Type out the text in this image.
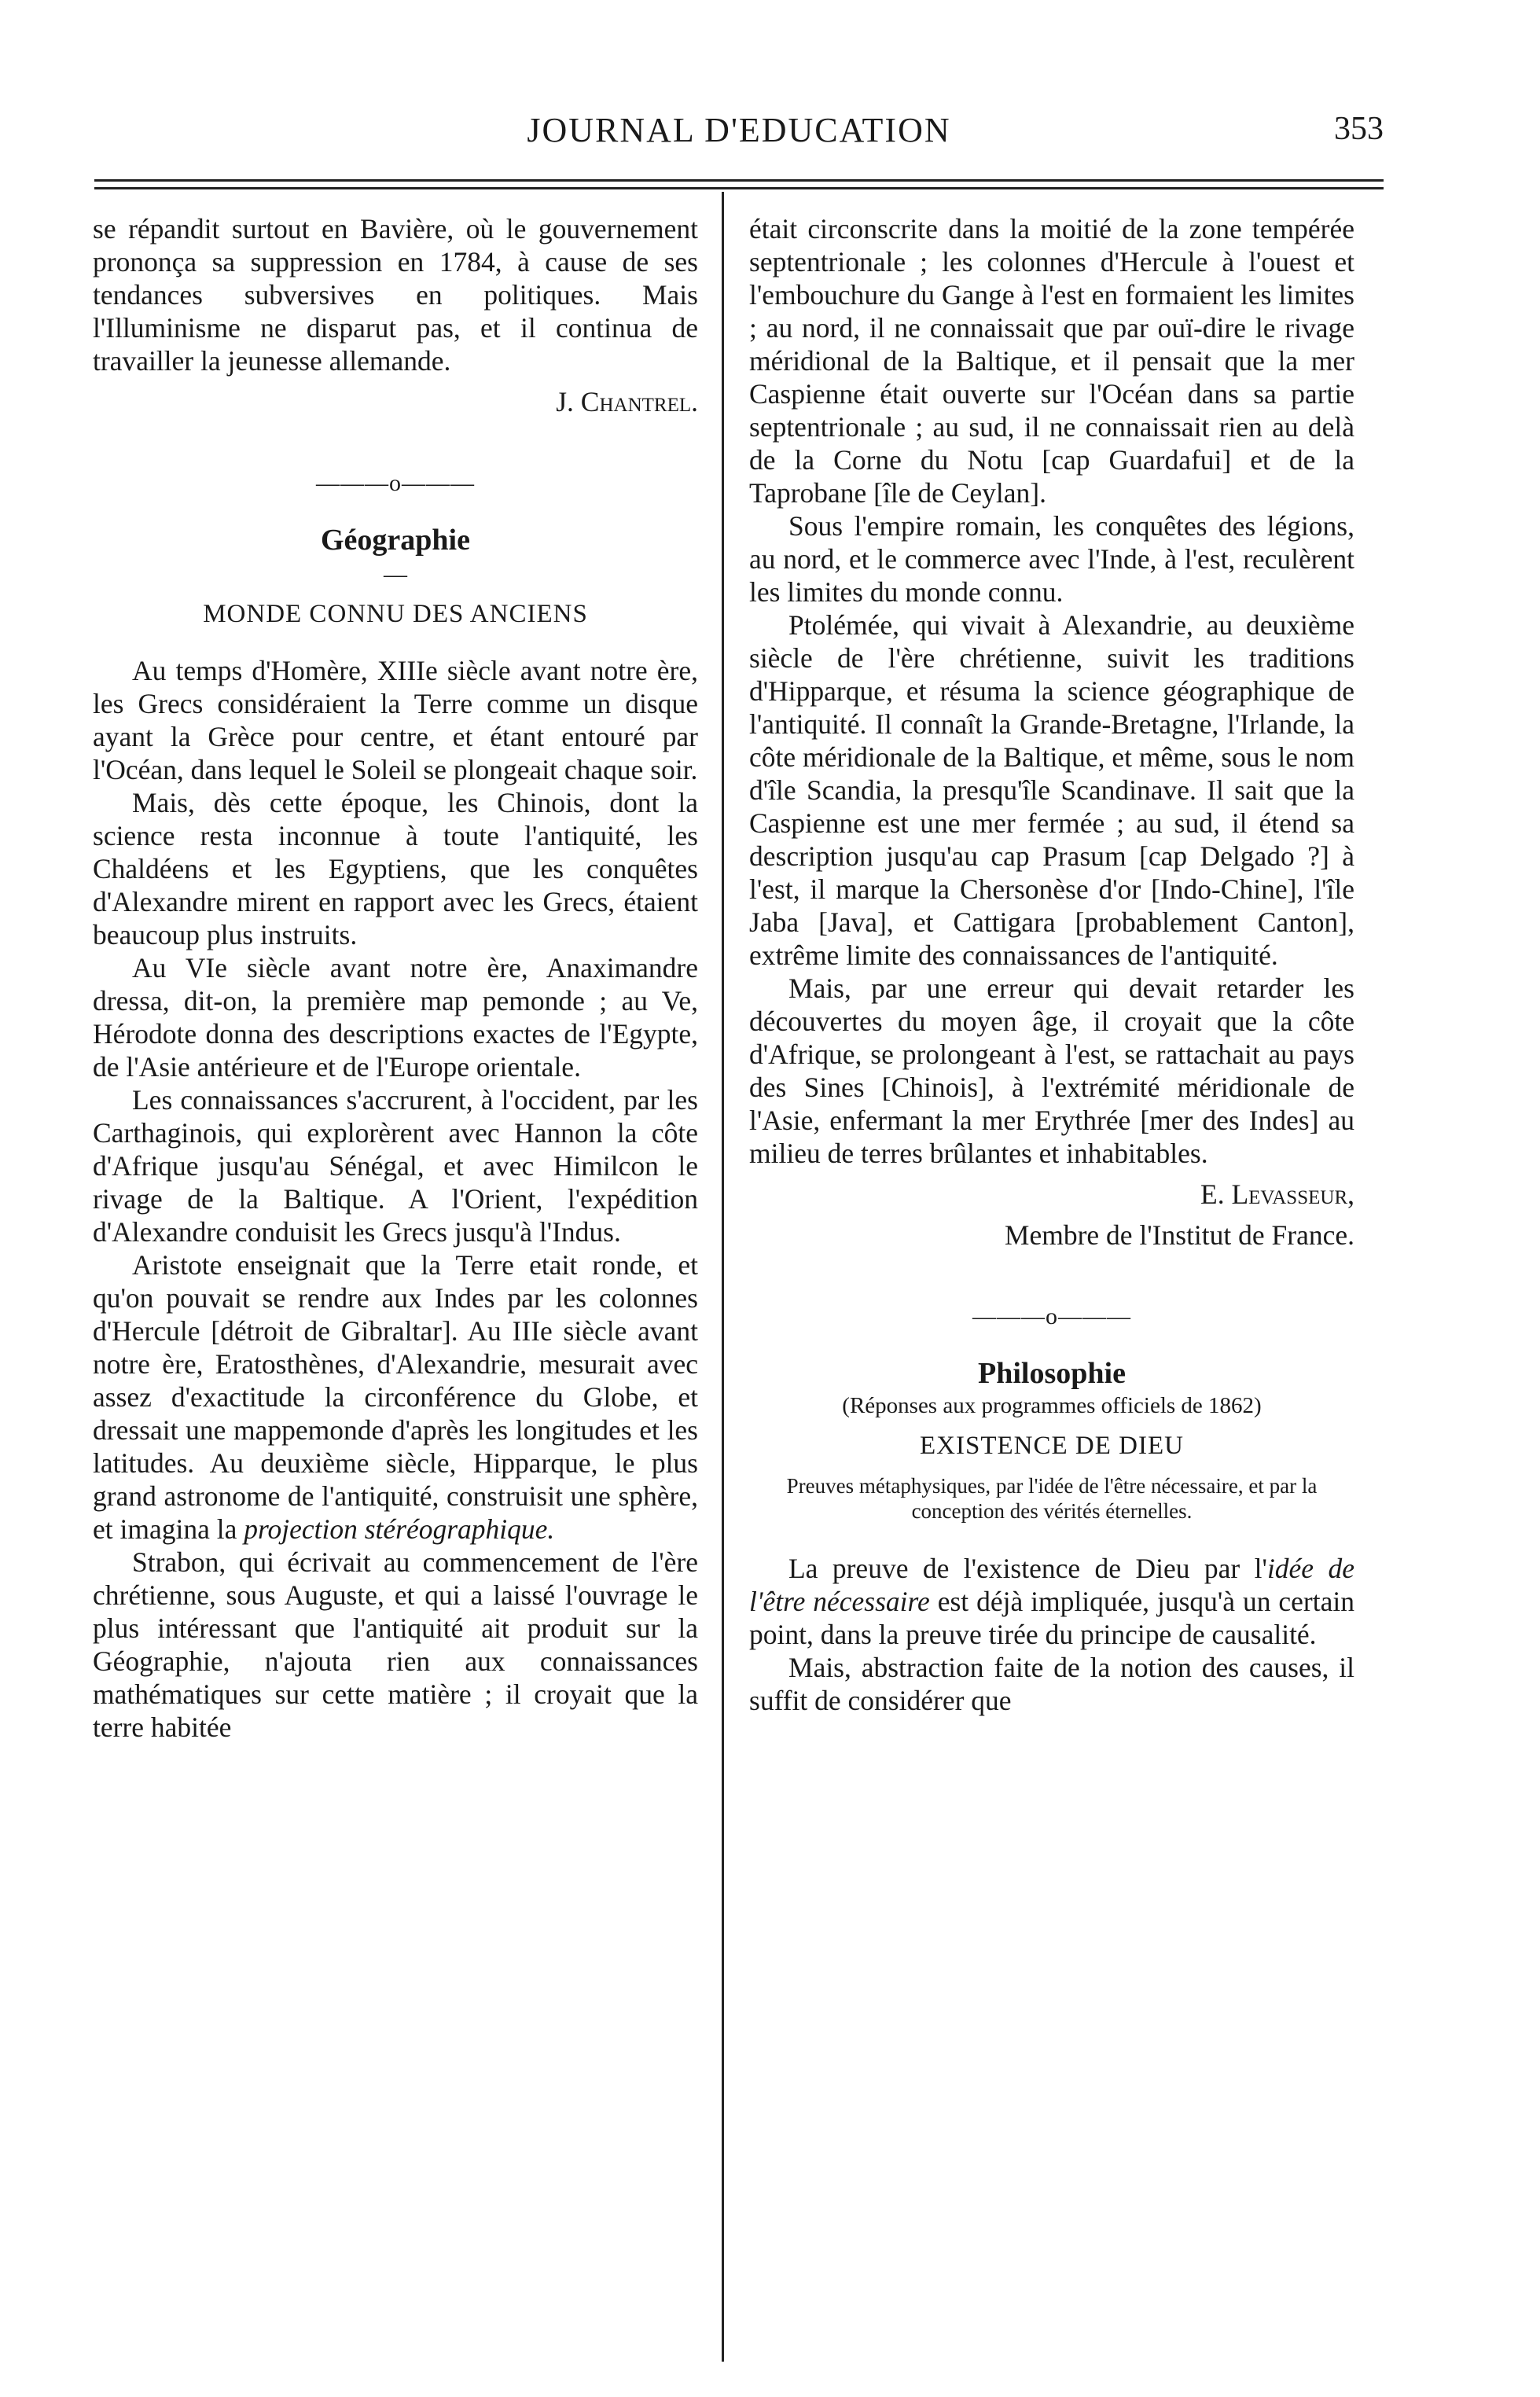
JOURNAL D'EDUCATION	353

se répandit surtout en Bavière, où le gouvernement prononça sa suppression en 1784, à cause de ses tendances subversives en politiques. Mais l'Illuminisme ne disparut pas, et il continua de travailler la jeunesse allemande.

J. Chantrel.
———o———
Géographie
—
MONDE CONNU DES ANCIENS

Au temps d'Homère, XIIIe siècle avant notre ère, les Grecs considéraient la Terre comme un disque ayant la Grèce pour centre, et étant entouré par l'Océan, dans lequel le Soleil se plongeait chaque soir.

Mais, dès cette époque, les Chinois, dont la science resta inconnue à toute l'antiquité, les Chaldéens et les Egyptiens, que les conquêtes d'Alexandre mirent en rapport avec les Grecs, étaient beaucoup plus instruits.

Au VIe siècle avant notre ère, Anaximandre dressa, dit-on, la première map pemonde ; au Ve, Hérodote donna des descriptions exactes de l'Egypte, de l'Asie antérieure et de l'Europe orientale.

Les connaissances s'accrurent, à l'occident, par les Carthaginois, qui explorèrent avec Hannon la côte d'Afrique jusqu'au Sénégal, et avec Himilcon le rivage de la Baltique. A l'Orient, l'expédition d'Alexandre conduisit les Grecs jusqu'à l'Indus.

Aristote enseignait que la Terre etait ronde, et qu'on pouvait se rendre aux Indes par les colonnes d'Hercule [détroit de Gibraltar]. Au IIIe siècle avant notre ère, Eratosthènes, d'Alexandrie, mesurait avec assez d'exactitude la circonférence du Globe, et dressait une mappemonde d'après les longitudes et les latitudes. Au deuxième siècle, Hipparque, le plus grand astronome de l'antiquité, construisit une sphère, et imagina la projection stéréographique.

Strabon, qui écrivait au commencement de l'ère chrétienne, sous Auguste, et qui a laissé l'ouvrage le plus intéressant que l'antiquité ait produit sur la Géographie, n'ajouta rien aux connaissances mathématiques sur cette matière ; il croyait que la terre habitée

était circonscrite dans la moitié de la zone tempérée septentrionale ; les colonnes d'Hercule à l'ouest et l'embouchure du Gange à l'est en formaient les limites ; au nord, il ne connaissait que par ouï-dire le rivage méridional de la Baltique, et il pensait que la mer Caspienne était ouverte sur l'Océan dans sa partie septentrionale ; au sud, il ne connaissait rien au delà de la Corne du Notu [cap Guardafui] et de la Taprobane [île de Ceylan].

Sous l'empire romain, les conquêtes des légions, au nord, et le commerce avec l'Inde, à l'est, reculèrent les limites du monde connu.

Ptolémée, qui vivait à Alexandrie, au deuxième siècle de l'ère chrétienne, suivit les traditions d'Hipparque, et résuma la science géographique de l'antiquité. Il connaît la Grande-Bretagne, l'Irlande, la côte méridionale de la Baltique, et même, sous le nom d'île Scandia, la presqu'île Scandinave. Il sait que la Caspienne est une mer fermée ; au sud, il étend sa description jusqu'au cap Prasum [cap Delgado ?] à l'est, il marque la Chersonèse d'or [Indo-Chine], l'île Jaba [Java], et Cattigara [probablement Canton], extrême limite des connaissances de l'antiquité.

Mais, par une erreur qui devait retarder les découvertes du moyen âge, il croyait que la côte d'Afrique, se prolongeant à l'est, se rattachait au pays des Sines [Chinois], à l'extrémité méridionale de l'Asie, enfermant la mer Erythrée [mer des Indes] au milieu de terres brûlantes et inhabitables.

E. Levasseur,
Membre de l'Institut de France.
———o———
Philosophie
(Réponses aux programmes officiels de 1862)
EXISTENCE DE DIEU
Preuves métaphysiques, par l'idée de l'être nécessaire, et par la conception des vérités éternelles.

La preuve de l'existence de Dieu par l'idée de l'être nécessaire est déjà impliquée, jusqu'à un certain point, dans la preuve tirée du principe de causalité.

Mais, abstraction faite de la notion des causes, il suffit de considérer que
